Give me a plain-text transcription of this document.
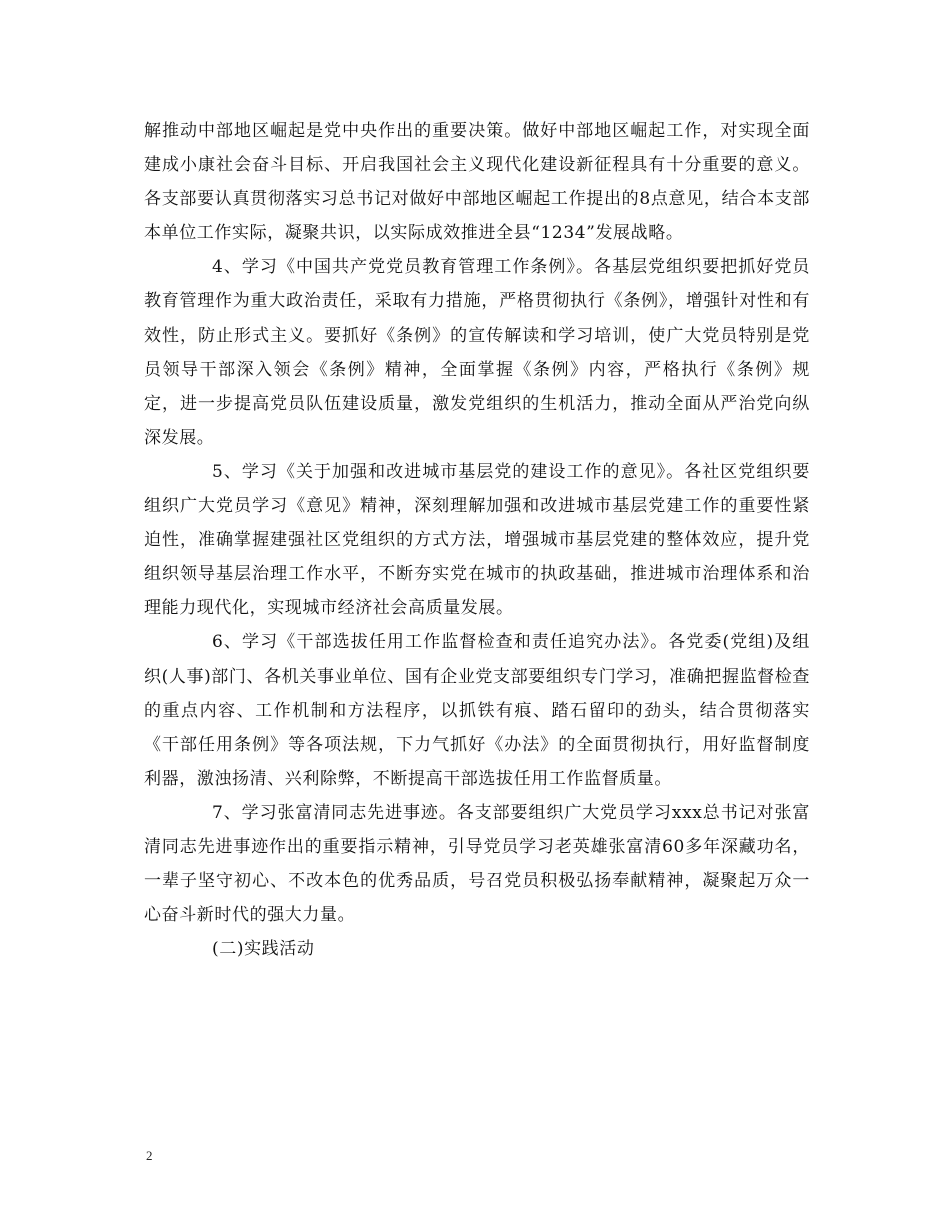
解推动中部地区崛起是党中央作出的重要决策。做好中部地区崛起工作，对实现全面建成小康社会奋斗目标、开启我国社会主义现代化建设新征程具有十分重要的意义。各支部要认真贯彻落实习总书记对做好中部地区崛起工作提出的8点意见，结合本支部本单位工作实际，凝聚共识，以实际成效推进全县“1234”发展战略。

4、学习《中国共产党党员教育管理工作条例》。各基层党组织要把抓好党员教育管理作为重大政治责任，采取有力措施，严格贯彻执行《条例》，增强针对性和有效性，防止形式主义。要抓好《条例》的宣传解读和学习培训，使广大党员特别是党员领导干部深入领会《条例》精神，全面掌握《条例》内容，严格执行《条例》规定，进一步提高党员队伍建设质量，激发党组织的生机活力，推动全面从严治党向纵深发展。

5、学习《关于加强和改进城市基层党的建设工作的意见》。各社区党组织要组织广大党员学习《意见》精神，深刻理解加强和改进城市基层党建工作的重要性紧迫性，准确掌握建强社区党组织的方式方法，增强城市基层党建的整体效应，提升党组织领导基层治理工作水平，不断夯实党在城市的执政基础，推进城市治理体系和治理能力现代化，实现城市经济社会高质量发展。

6、学习《干部选拔任用工作监督检查和责任追究办法》。各党委(党组)及组织(人事)部门、各机关事业单位、国有企业党支部要组织专门学习，准确把握监督检查的重点内容、工作机制和方法程序，以抓铁有痕、踏石留印的劲头，结合贯彻落实《干部任用条例》等各项法规，下力气抓好《办法》的全面贯彻执行，用好监督制度利器，激浊扬清、兴利除弊，不断提高干部选拔任用工作监督质量。

7、学习张富清同志先进事迹。各支部要组织广大党员学习xxx总书记对张富清同志先进事迹作出的重要指示精神，引导党员学习老英雄张富清60多年深藏功名，一辈子坚守初心、不改本色的优秀品质，号召党员积极弘扬奉献精神，凝聚起万众一心奋斗新时代的强大力量。

(二)实践活动

2
